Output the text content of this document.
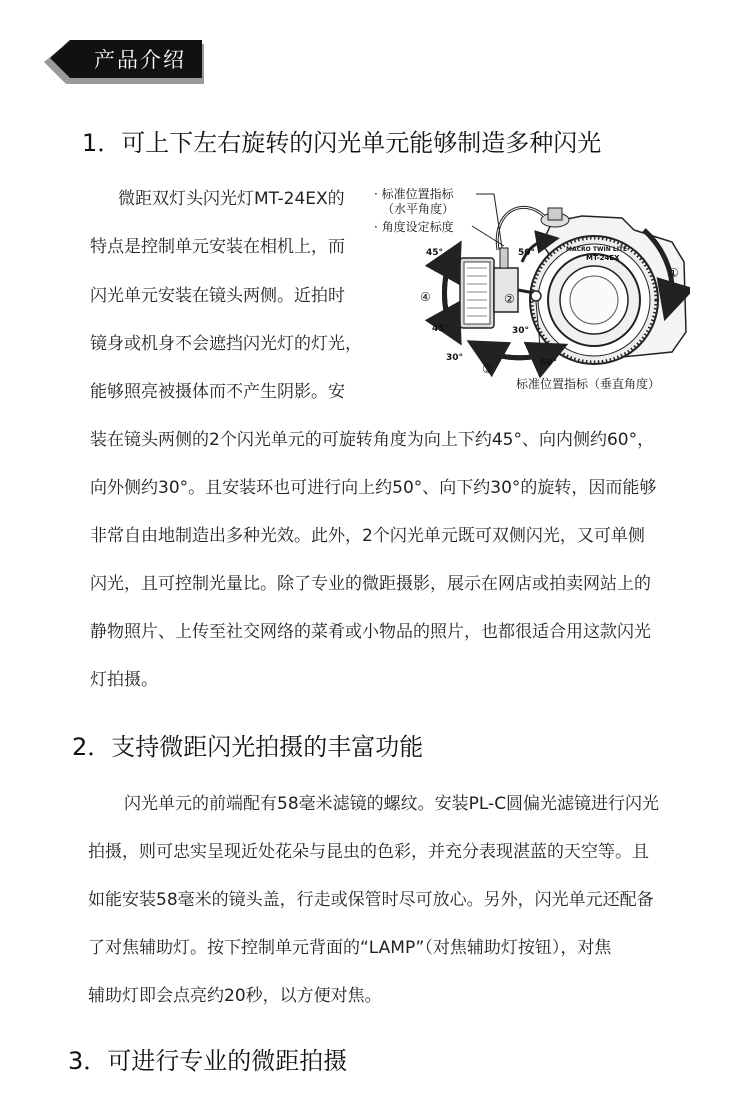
产品介绍
1．可上下左右旋转的闪光单元能够制造多种闪光
微距双灯头闪光灯MT-24EX的
特点是控制单元安装在相机上，而
闪光单元安装在镜头两侧。近拍时
镜身或机身不会遮挡闪光灯的灯光，
能够照亮被摄体而不产生阴影。安
装在镜头两侧的2个闪光单元的可旋转角度为向上下约45°、向内侧约60°，
向外侧约30°。且安装环也可进行向上约50°、向下约30°的旋转，因而能够
非常自由地制造出多种光效。此外，2个闪光单元既可双侧闪光，又可单侧
闪光，且可控制光量比。除了专业的微距摄影，展示在网店或拍卖网站上的
静物照片、上传至社交网络的菜肴或小物品的照片，也都很适合用这款闪光
灯拍摄。
· 标准位置指标
（水平角度）
· 角度设定标度
标准位置指标（垂直角度）
45°
45°
50°
30°
30°	60°
①
②
③
④
MACRO TWIN LITE
MT-24EX
2．支持微距闪光拍摄的丰富功能
闪光单元的前端配有58毫米滤镜的螺纹。安装PL-C圆偏光滤镜进行闪光
拍摄，则可忠实呈现近处花朵与昆虫的色彩，并充分表现湛蓝的天空等。且
如能安装58毫米的镜头盖，行走或保管时尽可放心。另外，闪光单元还配备
了对焦辅助灯。按下控制单元背面的“LAMP”（对焦辅助灯按钮），对焦
辅助灯即会点亮约20秒，以方便对焦。
3．可进行专业的微距拍摄
